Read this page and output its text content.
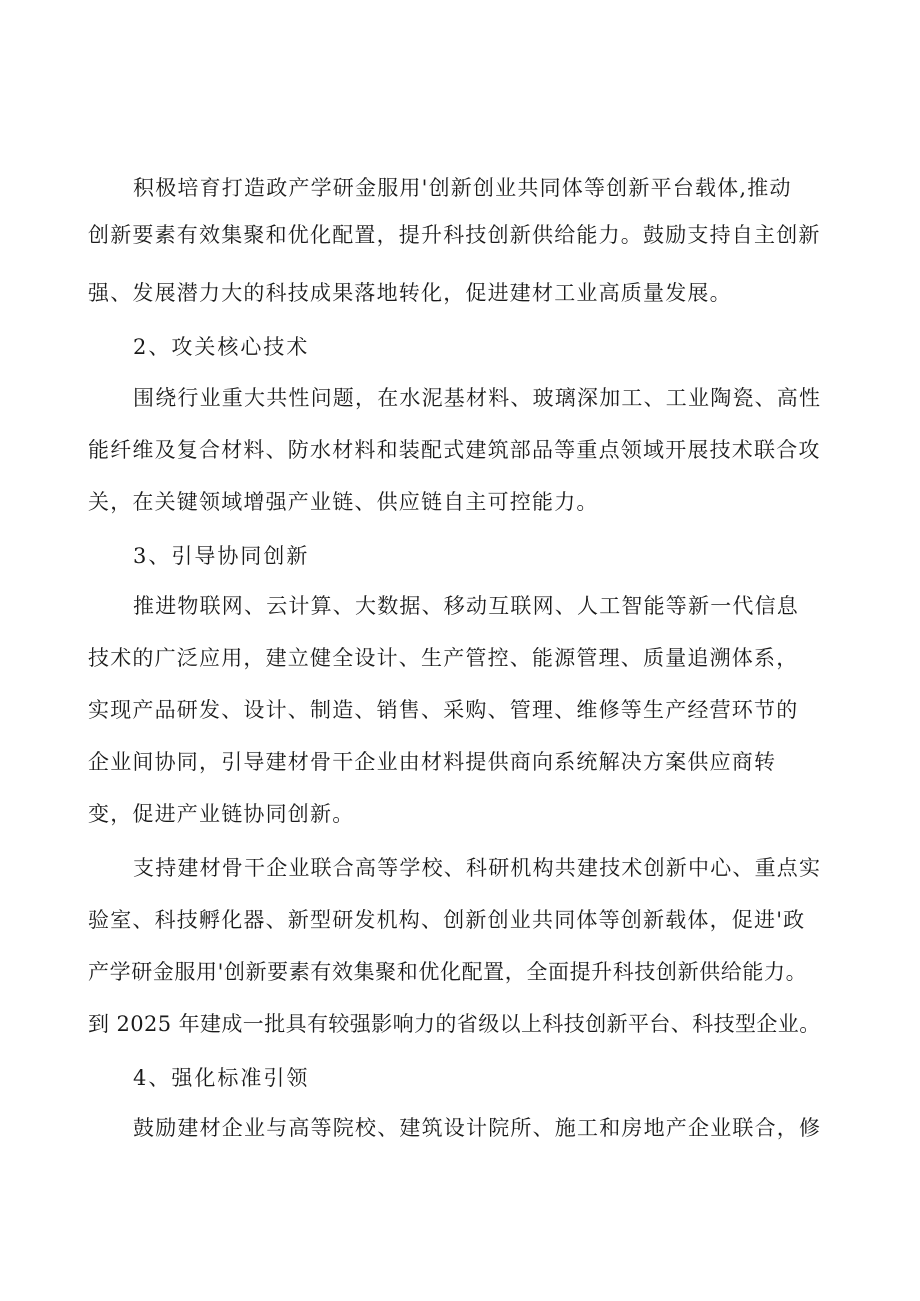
积极培育打造政产学研金服用'创新创业共同体等创新平台载体,推动
创新要素有效集聚和优化配置，提升科技创新供给能力。鼓励支持自主创新
强、发展潜力大的科技成果落地转化，促进建材工业高质量发展。
2、攻关核心技术
围绕行业重大共性问题，在水泥基材料、玻璃深加工、工业陶瓷、高性
能纤维及复合材料、防水材料和装配式建筑部品等重点领域开展技术联合攻
关，在关键领域增强产业链、供应链自主可控能力。
3、引导协同创新
推进物联网、云计算、大数据、移动互联网、人工智能等新一代信息
技术的广泛应用，建立健全设计、生产管控、能源管理、质量追溯体系，
实现产品研发、设计、制造、销售、采购、管理、维修等生产经营环节的
企业间协同，引导建材骨干企业由材料提供商向系统解决方案供应商转
变，促进产业链协同创新。
支持建材骨干企业联合高等学校、科研机构共建技术创新中心、重点实
验室、科技孵化器、新型研发机构、创新创业共同体等创新载体，促进'政
产学研金服用'创新要素有效集聚和优化配置，全面提升科技创新供给能力。
到 2025 年建成一批具有较强影响力的省级以上科技创新平台、科技型企业。
4、强化标准引领
鼓励建材企业与高等院校、建筑设计院所、施工和房地产企业联合，修
